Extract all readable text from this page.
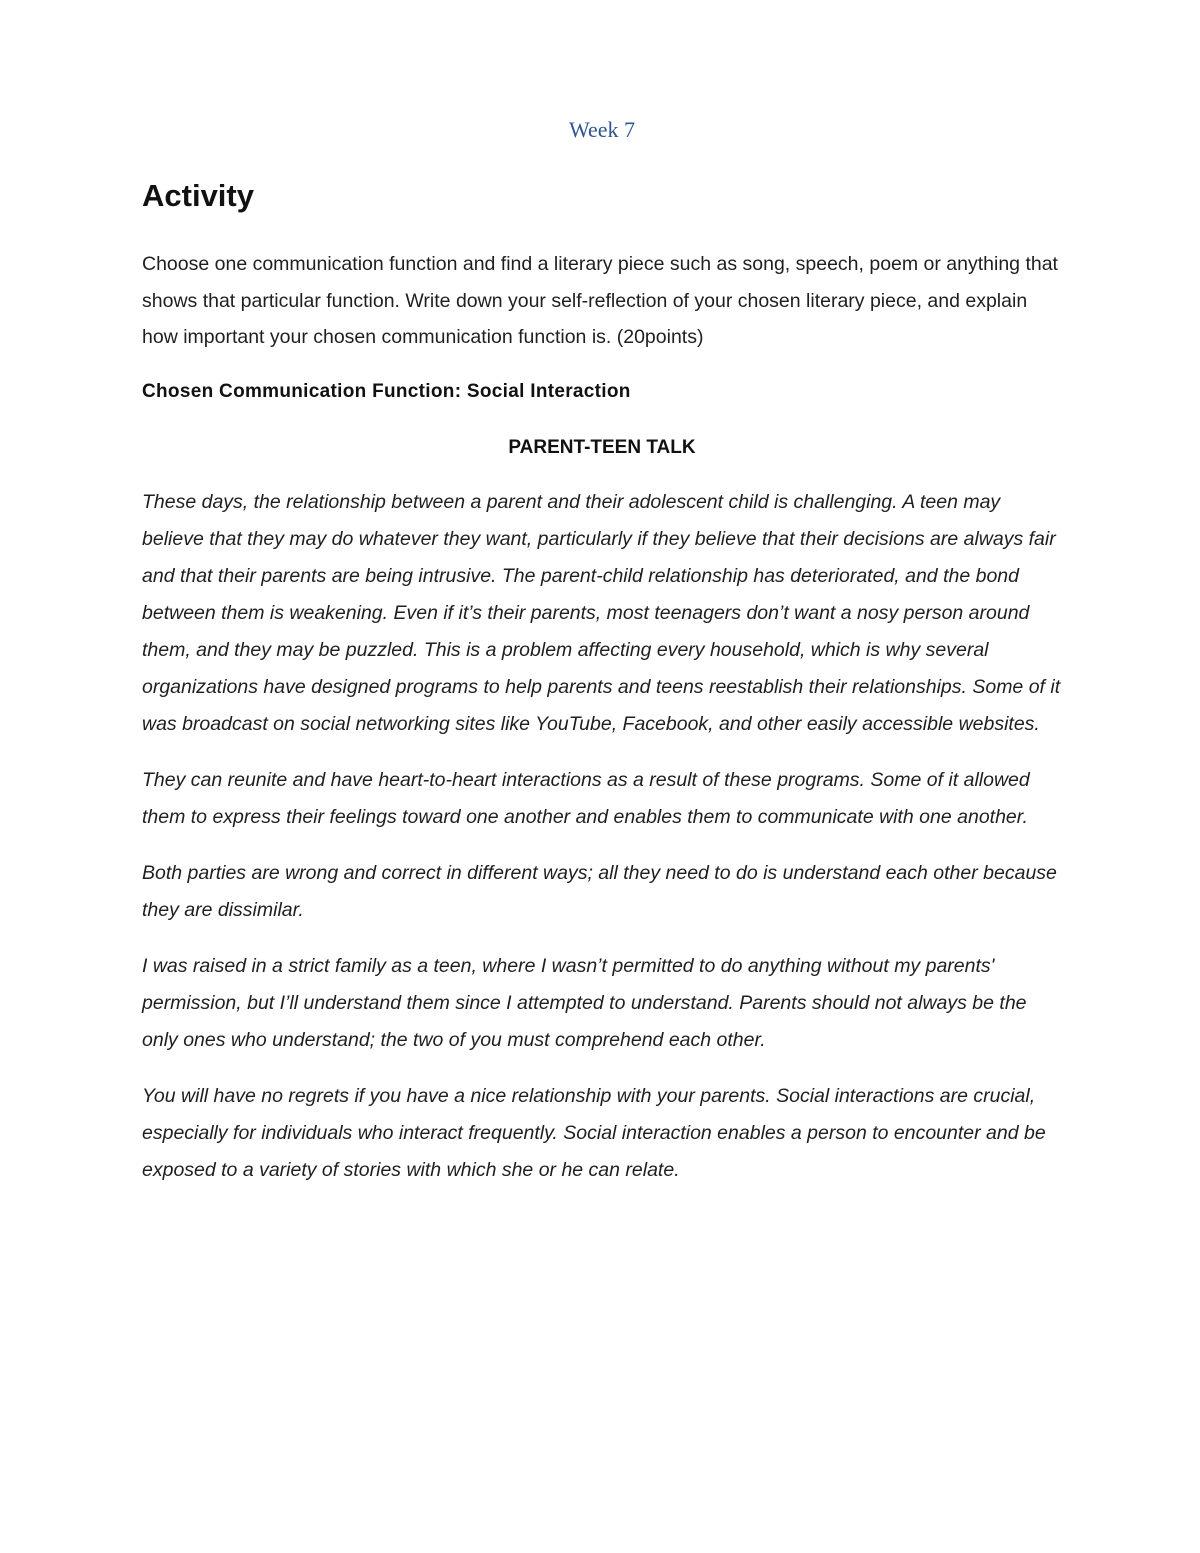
Week 7
Activity

Choose one communication function and find a literary piece such as song, speech, poem or anything that shows that particular function. Write down your self-reflection of your chosen literary piece, and explain how important your chosen communication function is. (20points)

Chosen Communication Function: Social Interaction

PARENT-TEEN TALK

These days, the relationship between a parent and their adolescent child is challenging. A teen may believe that they may do whatever they want, particularly if they believe that their decisions are always fair and that their parents are being intrusive. The parent-child relationship has deteriorated, and the bond between them is weakening. Even if it’s their parents, most teenagers don’t want a nosy person around them, and they may be puzzled. This is a problem affecting every household, which is why several organizations have designed programs to help parents and teens reestablish their relationships. Some of it was broadcast on social networking sites like YouTube, Facebook, and other easily accessible websites.

They can reunite and have heart-to-heart interactions as a result of these programs. Some of it allowed them to express their feelings toward one another and enables them to communicate with one another.

Both parties are wrong and correct in different ways; all they need to do is understand each other because they are dissimilar.

I was raised in a strict family as a teen, where I wasn’t permitted to do anything without my parents' permission, but I’ll understand them since I attempted to understand. Parents should not always be the only ones who understand; the two of you must comprehend each other.

You will have no regrets if you have a nice relationship with your parents. Social interactions are crucial, especially for individuals who interact frequently. Social interaction enables a person to encounter and be exposed to a variety of stories with which she or he can relate.
